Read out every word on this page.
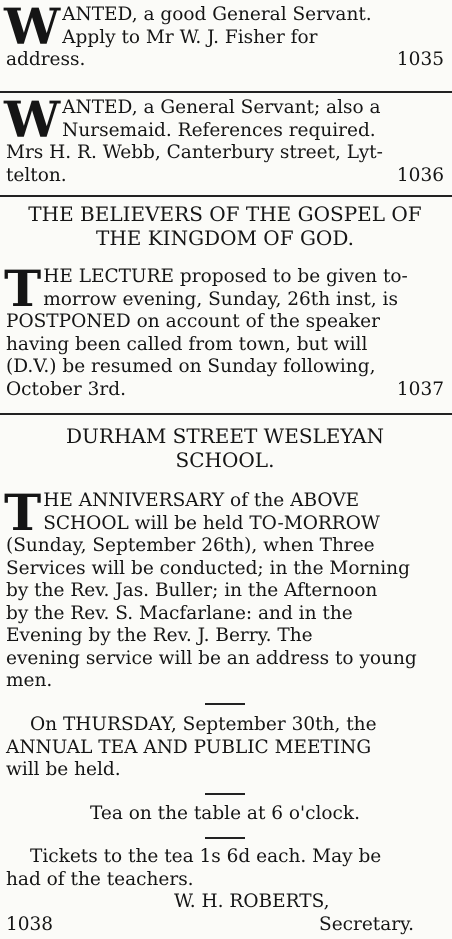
W ANTED, a good General Servant.

Apply to Mr W. J. Fisher for

address.	1035

W ANTED, a General Servant; also a

Nursemaid. References required.

Mrs H. R. Webb, Canterbury street, Lyt-

telton.	1036

THE BELIEVERS OF THE GOSPEL OF

THE KINGDOM OF GOD.

T HE LECTURE proposed to be given to-

morrow evening, Sunday, 26th inst, is

POSTPONED on account of the speaker

having been called from town, but will

(D.V.) be resumed on Sunday following,

October 3rd.	1037

DURHAM STREET WESLEYAN

SCHOOL.

T HE ANNIVERSARY of the ABOVE

SCHOOL will be held TO-MORROW

(Sunday, September 26th), when Three

Services will be conducted; in the Morning

by the Rev. Jas. Buller; in the Afternoon

by the Rev. S. Macfarlane: and in the

Evening by the Rev. J. Berry. The

evening service will be an address to young

men.

On THURSDAY, September 30th, the

ANNUAL TEA AND PUBLIC MEETING

will be held.

Tea on the table at 6 o'clock.

Tickets to the tea 1s 6d each. May be

had of the teachers.

W. H. ROBERTS,

1038	Secretary.
